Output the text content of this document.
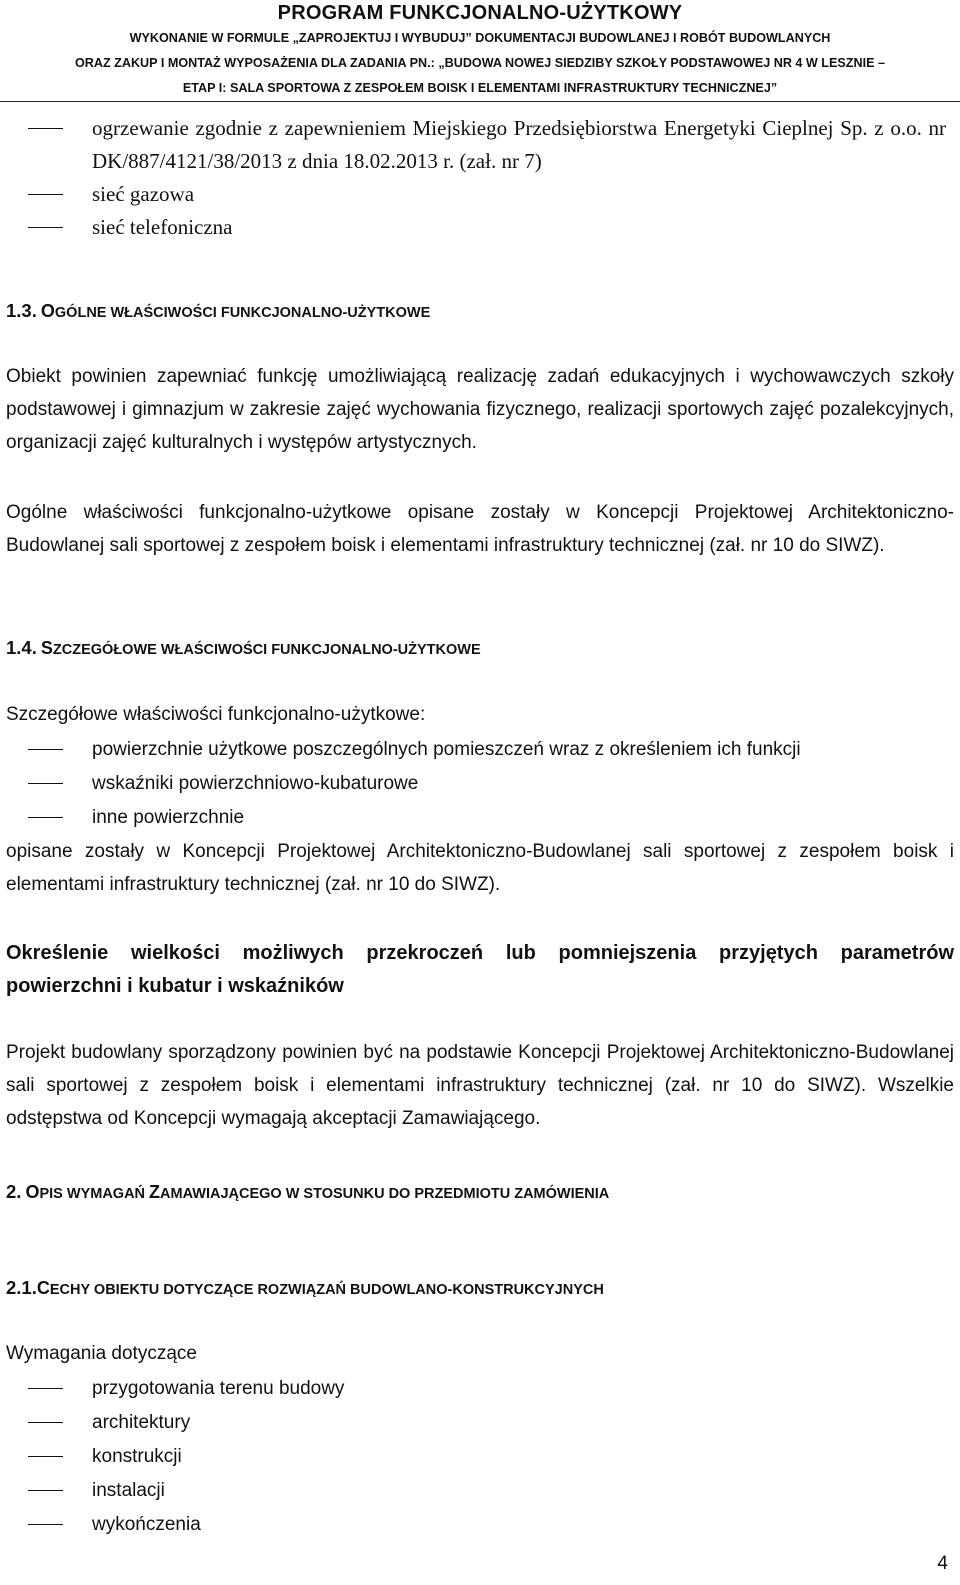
PROGRAM FUNKCJONALNO-UŻYTKOWY
WYKONANIE W FORMULE „ZAPROJEKTUJ I WYBUDUJ” DOKUMENTACJI BUDOWLANEJ I ROBÓT BUDOWLANYCH
ORAZ ZAKUP I MONTAŻ WYPOSAŻENIA DLA ZADANIA PN.: „BUDOWA NOWEJ SIEDZIBY SZKOŁY PODSTAWOWEJ NR 4 W LESZNIE –
ETAP I: SALA SPORTOWA Z ZESPOŁEM BOISK I ELEMENTAMI INFRASTRUKTURY TECHNICZNEJ”
ogrzewanie zgodnie z zapewnieniem Miejskiego Przedsiębiorstwa Energetyki Cieplnej Sp. z o.o. nr DK/887/4121/38/2013 z dnia 18.02.2013 r. (zał. nr 7)
sieć gazowa
sieć telefoniczna
1.3. OGÓLNE WŁAŚCIWOŚCI FUNKCJONALNO-UŻYTKOWE
Obiekt powinien zapewniać funkcję umożliwiającą realizację zadań edukacyjnych i wychowawczych szkoły podstawowej i gimnazjum w zakresie zajęć wychowania fizycznego, realizacji sportowych zajęć pozalekcyjnych, organizacji zajęć kulturalnych i występów artystycznych.
Ogólne właściwości funkcjonalno-użytkowe opisane zostały w Koncepcji Projektowej Architektoniczno-Budowlanej sali sportowej z zespołem boisk i elementami infrastruktury technicznej (zał. nr 10 do SIWZ).
1.4. SZCZEGÓŁOWE WŁAŚCIWOŚCI FUNKCJONALNO-UŻYTKOWE
Szczegółowe właściwości funkcjonalno-użytkowe:
powierzchnie użytkowe poszczególnych pomieszczeń wraz z określeniem ich funkcji
wskaźniki powierzchniowo-kubaturowe
inne powierzchnie
opisane zostały w Koncepcji Projektowej Architektoniczno-Budowlanej sali sportowej z zespołem boisk i elementami infrastruktury technicznej (zał. nr 10 do SIWZ).
Określenie wielkości możliwych przekroczeń lub pomniejszenia przyjętych parametrów powierzchni i kubatur i wskaźników
Projekt budowlany sporządzony powinien być na podstawie Koncepcji Projektowej Architektoniczno-Budowlanej sali sportowej z zespołem boisk i elementami infrastruktury technicznej (zał. nr 10 do SIWZ). Wszelkie odstępstwa od Koncepcji wymagają akceptacji Zamawiającego.
2. OPIS WYMAGAŃ ZAMAWIAJĄCEGO W STOSUNKU DO PRZEDMIOTU ZAMÓWIENIA
2.1.CECHY OBIEKTU DOTYCZĄCE ROZWIĄZAŃ BUDOWLANO-KONSTRUKCYJNYCH
Wymagania dotyczące
przygotowania terenu budowy
architektury
konstrukcji
instalacji
wykończenia
4
